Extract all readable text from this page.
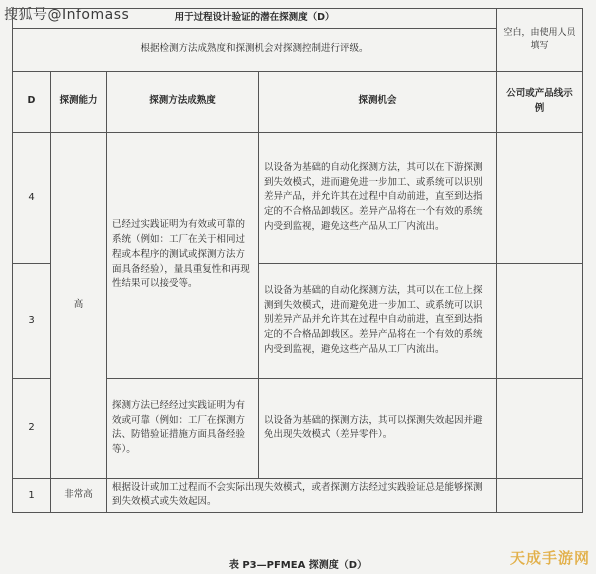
搜狐号@Infomass	用于过程设计验证的潜在探测度（D）				空白，由使用人员填写
根据检测方法成熟度和探测机会对探测控制进行评级。				
D	探测能力	探测方法成熟度	探测机会	公司或产品线示例
4	高	已经过实践证明为有效或可靠的系统（例如：工厂在关于相同过程或本程序的测试或探测方法方面具备经验），量具重复性和再现性结果可以接受等。	以设备为基础的自动化探测方法，其可以在下游探测到失效模式，进而避免进一步加工、或系统可以识别差异产品，并允许其在过程中自动前进，直至到达指定的不合格品卸载区。差异产品将在一个有效的系统内受到监视，避免这些产品从工厂内流出。	
3			以设备为基础的自动化探测方法，其可以在工位上探测到失效模式，进而避免进一步加工、或系统可以识别差异产品并允许其在过程中自动前进，直至到达指定的不合格品卸载区。差异产品将在一个有效的系统内受到监视，避免这些产品从工厂内流出。	
2		探测方法已经经过实践证明为有效或可靠（例如：工厂在探测方法、防错验证措施方面具备经验等）。	以设备为基础的探测方法，其可以探测失效起因并避免出现失效模式（差异零件）。	
1	非常高	根据设计或加工过程而不会实际出现失效模式，或者探测方法经过实践验证总是能够探测到失效模式或失效起因。		
表 P3—PFMEA 探测度（D）	天成手游网
